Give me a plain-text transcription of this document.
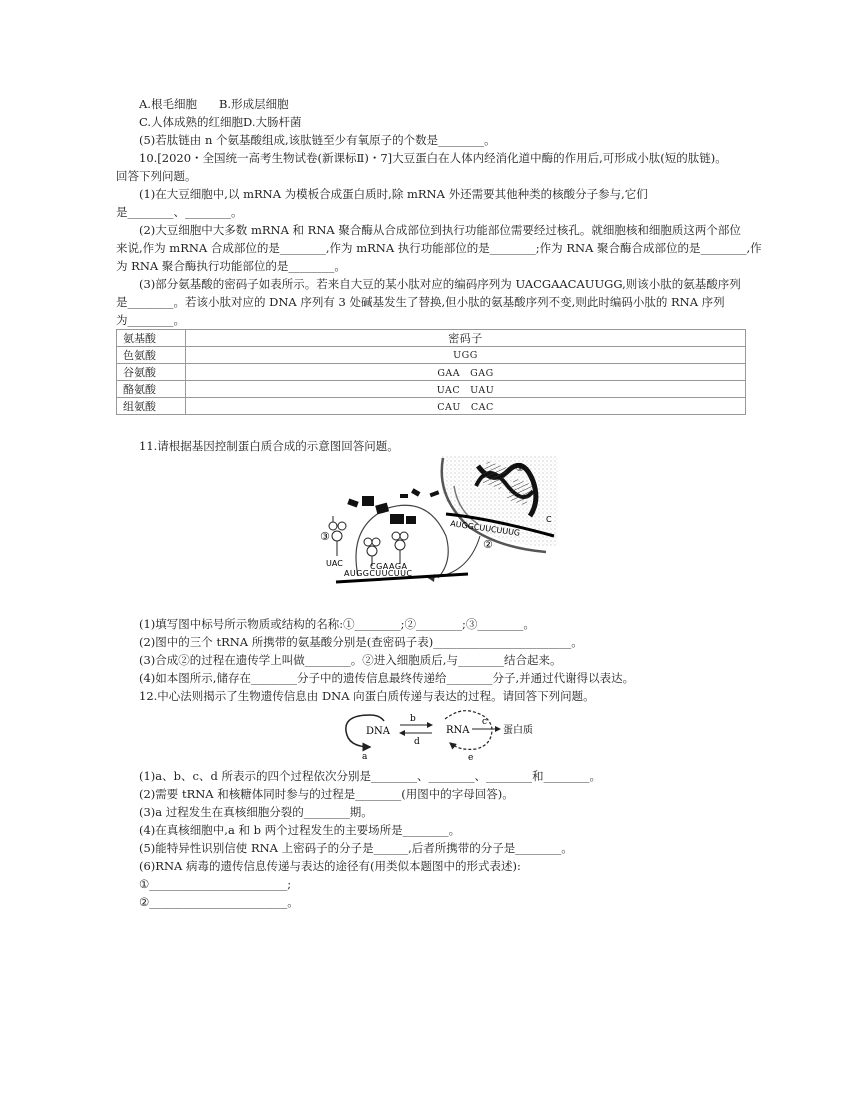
A.根毛细胞 B.形成层细胞
C.人体成熟的红细胞D.大肠杆菌
(5)若肽链由 n 个氨基酸组成,该肽链至少有氧原子的个数是________。
10.[2020・全国统一高考生物试卷(新课标Ⅱ)・7]大豆蛋白在人体内经消化道中酶的作用后,可形成小肽(短的肽链)。
回答下列问题。
(1)在大豆细胞中,以 mRNA 为模板合成蛋白质时,除 mRNA 外还需要其他种类的核酸分子参与,它们
是________、________。
(2)大豆细胞中大多数 mRNA 和 RNA 聚合酶从合成部位到执行功能部位需要经过核孔。就细胞核和细胞质这两个部位
来说,作为 mRNA 合成部位的是________,作为 mRNA 执行功能部位的是________;作为 RNA 聚合酶合成部位的是________,作
为 RNA 聚合酶执行功能部位的是________。
(3)部分氨基酸的密码子如表所示。若来自大豆的某小肽对应的编码序列为 UACGAACAUUGG,则该小肽的氨基酸序列
是________。若该小肽对应的 DNA 序列有 3 处碱基发生了替换,但小肽的氨基酸序列不变,则此时编码小肽的 RNA 序列
为________。
氨基酸	密码子
色氨酸	UGG
谷氨酸	GAA　GAG
酪氨酸	UAC　UAU
组氨酸	CAU　CAC
11.请根据基因控制蛋白质合成的示意图回答问题。
①
AUGGCUUCUUUG	C
②
③
UAC	CGAAGA
AUGGCUUCUUC
(1)填写图中标号所示物质或结构的名称:①________;②________;③________。
(2)图中的三个 tRNA 所携带的氨基酸分别是(查密码子表)________________________。
(3)合成②的过程在遗传学上叫做________。②进入细胞质后,与________结合起来。
(4)如本图所示,储存在________分子中的遗传信息最终传递给________分子,并通过代谢得以表达。
12.中心法则揭示了生物遗传信息由 DNA 向蛋白质传递与表达的过程。请回答下列问题。
DNA
a
b
d
RNA
e
c
蛋白质
(1)a、b、c、d 所表示的四个过程依次分别是________、________、________和________。
(2)需要 tRNA 和核糖体同时参与的过程是________(用图中的字母回答)。
(3)a 过程发生在真核细胞分裂的________期。
(4)在真核细胞中,a 和 b 两个过程发生的主要场所是________。
(5)能特异性识别信使 RNA 上密码子的分子是______,后者所携带的分子是________。
(6)RNA 病毒的遗传信息传递与表达的途径有(用类似本题图中的形式表述):
①________________________;
②________________________。
